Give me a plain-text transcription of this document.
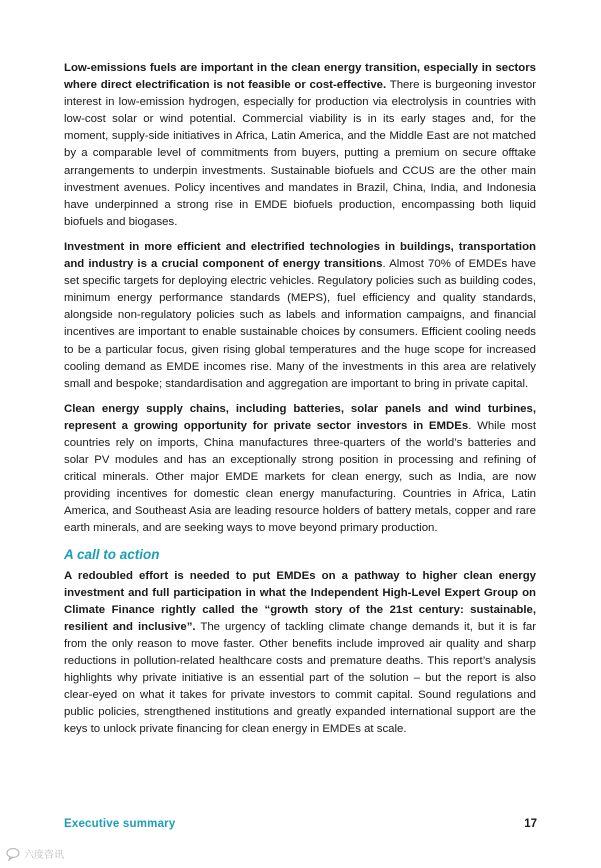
Low-emissions fuels are important in the clean energy transition, especially in sectors where direct electrification is not feasible or cost-effective. There is burgeoning investor interest in low-emission hydrogen, especially for production via electrolysis in countries with low-cost solar or wind potential. Commercial viability is in its early stages and, for the moment, supply-side initiatives in Africa, Latin America, and the Middle East are not matched by a comparable level of commitments from buyers, putting a premium on secure offtake arrangements to underpin investments. Sustainable biofuels and CCUS are the other main investment avenues. Policy incentives and mandates in Brazil, China, India, and Indonesia have underpinned a strong rise in EMDE biofuels production, encompassing both liquid biofuels and biogases.

Investment in more efficient and electrified technologies in buildings, transportation and industry is a crucial component of energy transitions. Almost 70% of EMDEs have set specific targets for deploying electric vehicles. Regulatory policies such as building codes, minimum energy performance standards (MEPS), fuel efficiency and quality standards, alongside non-regulatory policies such as labels and information campaigns, and financial incentives are important to enable sustainable choices by consumers. Efficient cooling needs to be a particular focus, given rising global temperatures and the huge scope for increased cooling demand as EMDE incomes rise. Many of the investments in this area are relatively small and bespoke; standardisation and aggregation are important to bring in private capital.

Clean energy supply chains, including batteries, solar panels and wind turbines, represent a growing opportunity for private sector investors in EMDEs. While most countries rely on imports, China manufactures three-quarters of the world’s batteries and solar PV modules and has an exceptionally strong position in processing and refining of critical minerals. Other major EMDE markets for clean energy, such as India, are now providing incentives for domestic clean energy manufacturing. Countries in Africa, Latin America, and Southeast Asia are leading resource holders of battery metals, copper and rare earth minerals, and are seeking ways to move beyond primary production.

A call to action

A redoubled effort is needed to put EMDEs on a pathway to higher clean energy investment and full participation in what the Independent High-Level Expert Group on Climate Finance rightly called the “growth story of the 21st century: sustainable, resilient and inclusive”. The urgency of tackling climate change demands it, but it is far from the only reason to move faster. Other benefits include improved air quality and sharp reductions in pollution-related healthcare costs and premature deaths. This report’s analysis highlights why private initiative is an essential part of the solution – but the report is also clear-eyed on what it takes for private investors to commit capital. Sound regulations and public policies, strengthened institutions and greatly expanded international support are the keys to unlock private financing for clean energy in EMDEs at scale.

Executive summary	17
六度咨讯
